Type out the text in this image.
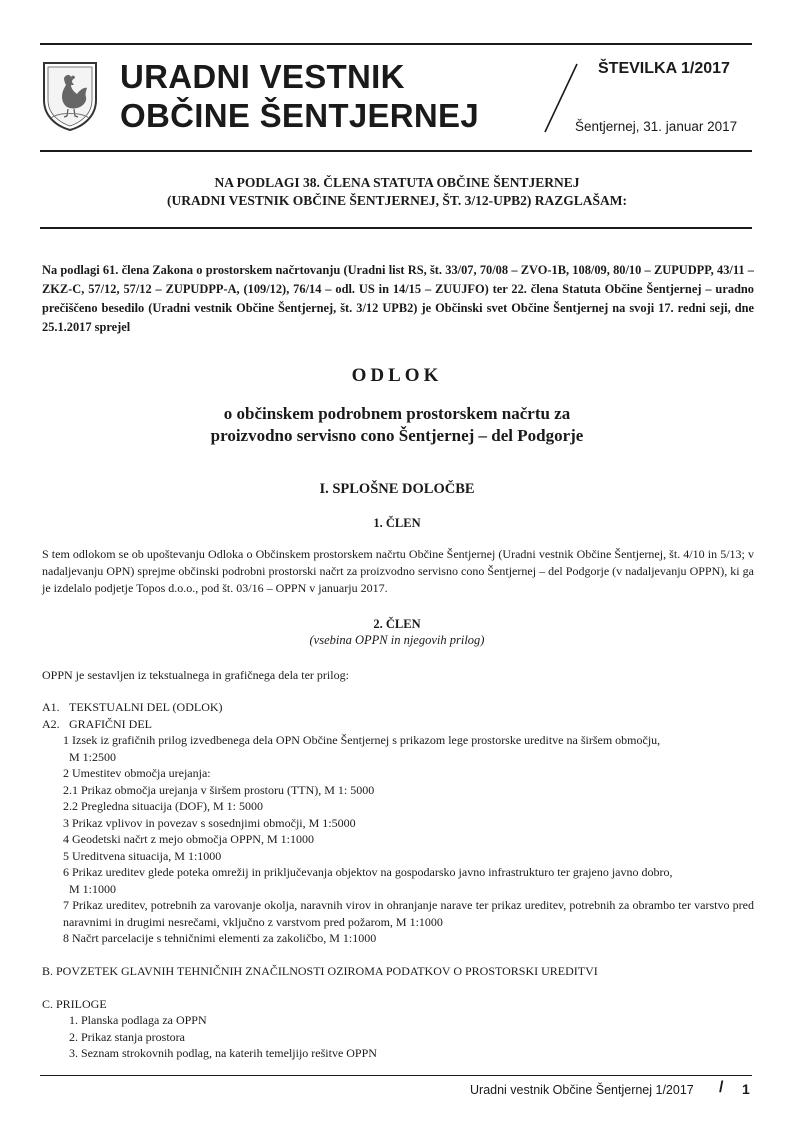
URADNI VESTNIK
OBČINE ŠENTJERNEJ
ŠTEVILKA 1/2017
Šentjernej, 31. januar 2017
NA PODLAGI 38. ČLENA STATUTA OBČINE ŠENTJERNEJ
(URADNI VESTNIK OBČINE ŠENTJERNEJ, ŠT. 3/12-UPB2) RAZGLAŠAM:
Na podlagi 61. člena Zakona o prostorskem načrtovanju (Uradni list RS, št. 33/07, 70/08 – ZVO-1B, 108/09, 80/10 – ZUPUDPP, 43/11 – ZKZ-C, 57/12, 57/12 – ZUPUDPP-A, (109/12), 76/14 – odl. US in 14/15 – ZUUJFO) ter 22. člena Statuta Občine Šentjernej – uradno prečiščeno besedilo (Uradni vestnik Občine Šentjernej, št. 3/12 UPB2) je Občinski svet Občine Šentjernej na svoji 17. redni seji, dne 25.1.2017 sprejel
ODLOK
o občinskem podrobnem prostorskem načrtu za
proizvodno servisno cono Šentjernej – del Podgorje
I. SPLOŠNE DOLOČBE
1. ČLEN
S tem odlokom se ob upoštevanju Odloka o Občinskem prostorskem načrtu Občine Šentjernej (Uradni vestnik Občine Šentjernej, št. 4/10 in 5/13; v nadaljevanju OPN) sprejme občinski podrobni prostorski načrt za proizvodno servisno cono Šentjernej – del Podgorje (v nadaljevanju OPPN), ki ga je izdelalo podjetje Topos d.o.o., pod št. 03/16 – OPPN v januarju 2017.
2. ČLEN
(vsebina OPPN in njegovih prilog)
OPPN je sestavljen iz tekstualnega in grafičnega dela ter prilog:
A1. TEKSTUALNI DEL (ODLOK)
A2. GRAFIČNI DEL
1 Izsek iz grafičnih prilog izvedbenega dela OPN Občine Šentjernej s prikazom lege prostorske ureditve na širšem območju,
M 1:2500
2 Umestitev območja urejanja:
2.1 Prikaz območja urejanja v širšem prostoru (TTN), M 1: 5000
2.2 Pregledna situacija (DOF), M 1: 5000
3 Prikaz vplivov in povezav s sosednjimi območji, M 1:5000
4 Geodetski načrt z mejo območja OPPN, M 1:1000
5 Ureditvena situacija, M 1:1000
6 Prikaz ureditev glede poteka omrežij in priključevanja objektov na gospodarsko javno infrastrukturo ter grajeno javno dobro,
M 1:1000
7 Prikaz ureditev, potrebnih za varovanje okolja, naravnih virov in ohranjanje narave ter prikaz ureditev, potrebnih za obrambo ter varstvo pred naravnimi in drugimi nesrečami, vključno z varstvom pred požarom, M 1:1000
8 Načrt parcelacije s tehničnimi elementi za zakoličbo, M 1:1000
B. POVZETEK GLAVNIH TEHNIČNIH ZNAČILNOSTI OZIROMA PODATKOV O PROSTORSKI UREDITVI
C. PRILOGE
1. Planska podlaga za OPPN
2. Prikaz stanja prostora
3. Seznam strokovnih podlag, na katerih temeljijo rešitve OPPN
Uradni vestnik Občine Šentjernej 1/2017 / 1
